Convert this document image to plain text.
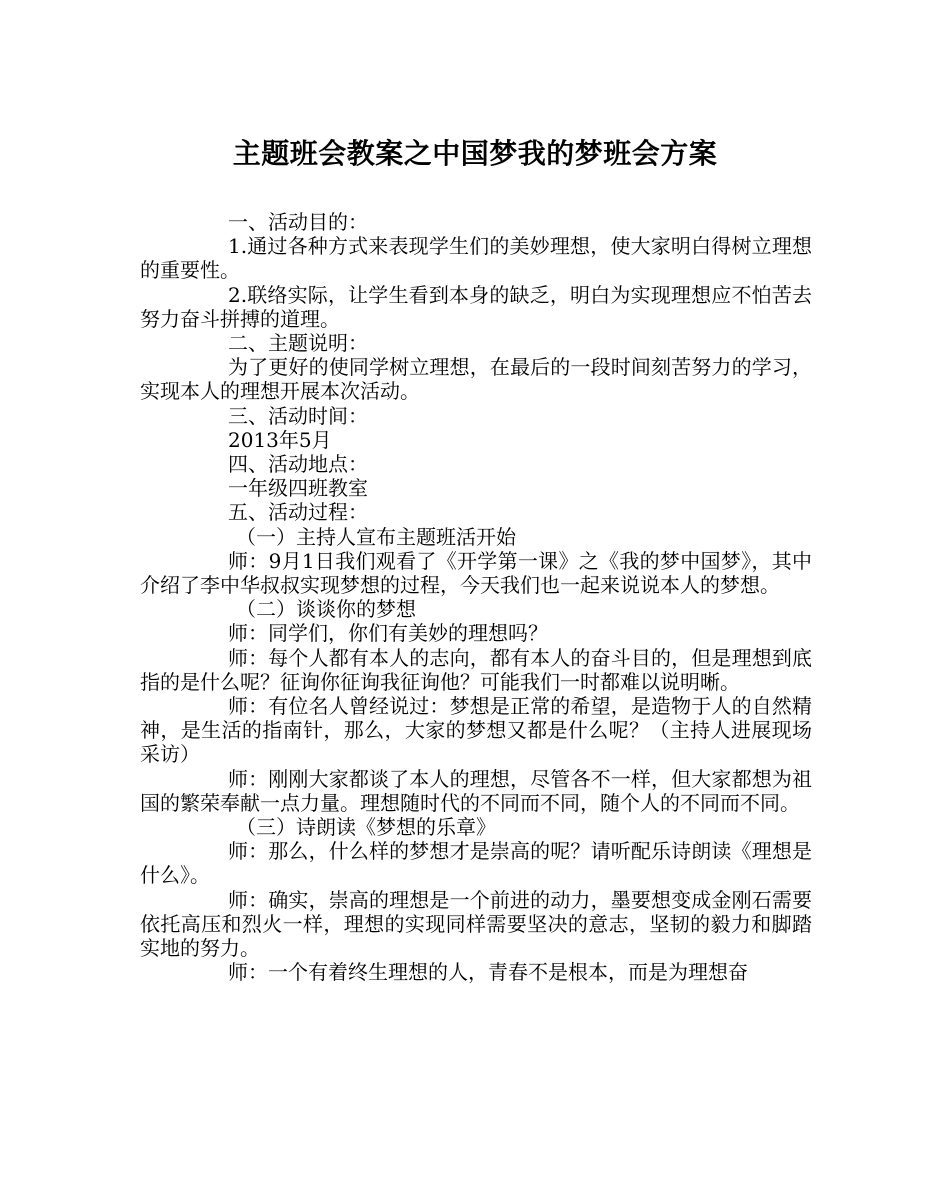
主题班会教案之中国梦我的梦班会方案

一、活动目的：

1.通过各种方式来表现学生们的美妙理想，使大家明白得树立理想的重要性。

2.联络实际，让学生看到本身的缺乏，明白为实现理想应不怕苦去努力奋斗拼搏的道理。

二、主题说明：

为了更好的使同学树立理想，在最后的一段时间刻苦努力的学习，实现本人的理想开展本次活动。

三、活动时间：

2013年5月

四、活动地点：

一年级四班教室

五、活动过程：

（一）主持人宣布主题班活开始

师：9月1日我们观看了《开学第一课》之《我的梦中国梦》，其中介绍了李中华叔叔实现梦想的过程，今天我们也一起来说说本人的梦想。

（二）谈谈你的梦想

师：同学们，你们有美妙的理想吗？

师：每个人都有本人的志向，都有本人的奋斗目的，但是理想到底指的是什么呢？征询你征询我征询他？可能我们一时都难以说明晰。

师：有位名人曾经说过：梦想是正常的希望，是造物于人的自然精神，是生活的指南针，那么，大家的梦想又都是什么呢？（主持人进展现场采访）

师：刚刚大家都谈了本人的理想，尽管各不一样，但大家都想为祖国的繁荣奉献一点力量。理想随时代的不同而不同，随个人的不同而不同。

（三）诗朗读《梦想的乐章》

师：那么，什么样的梦想才是崇高的呢？请听配乐诗朗读《理想是什么》。

师：确实，崇高的理想是一个前进的动力，墨要想变成金刚石需要依托高压和烈火一样，理想的实现同样需要坚决的意志，坚韧的毅力和脚踏实地的努力。

师：一个有着终生理想的人，青春不是根本，而是为理想奋
